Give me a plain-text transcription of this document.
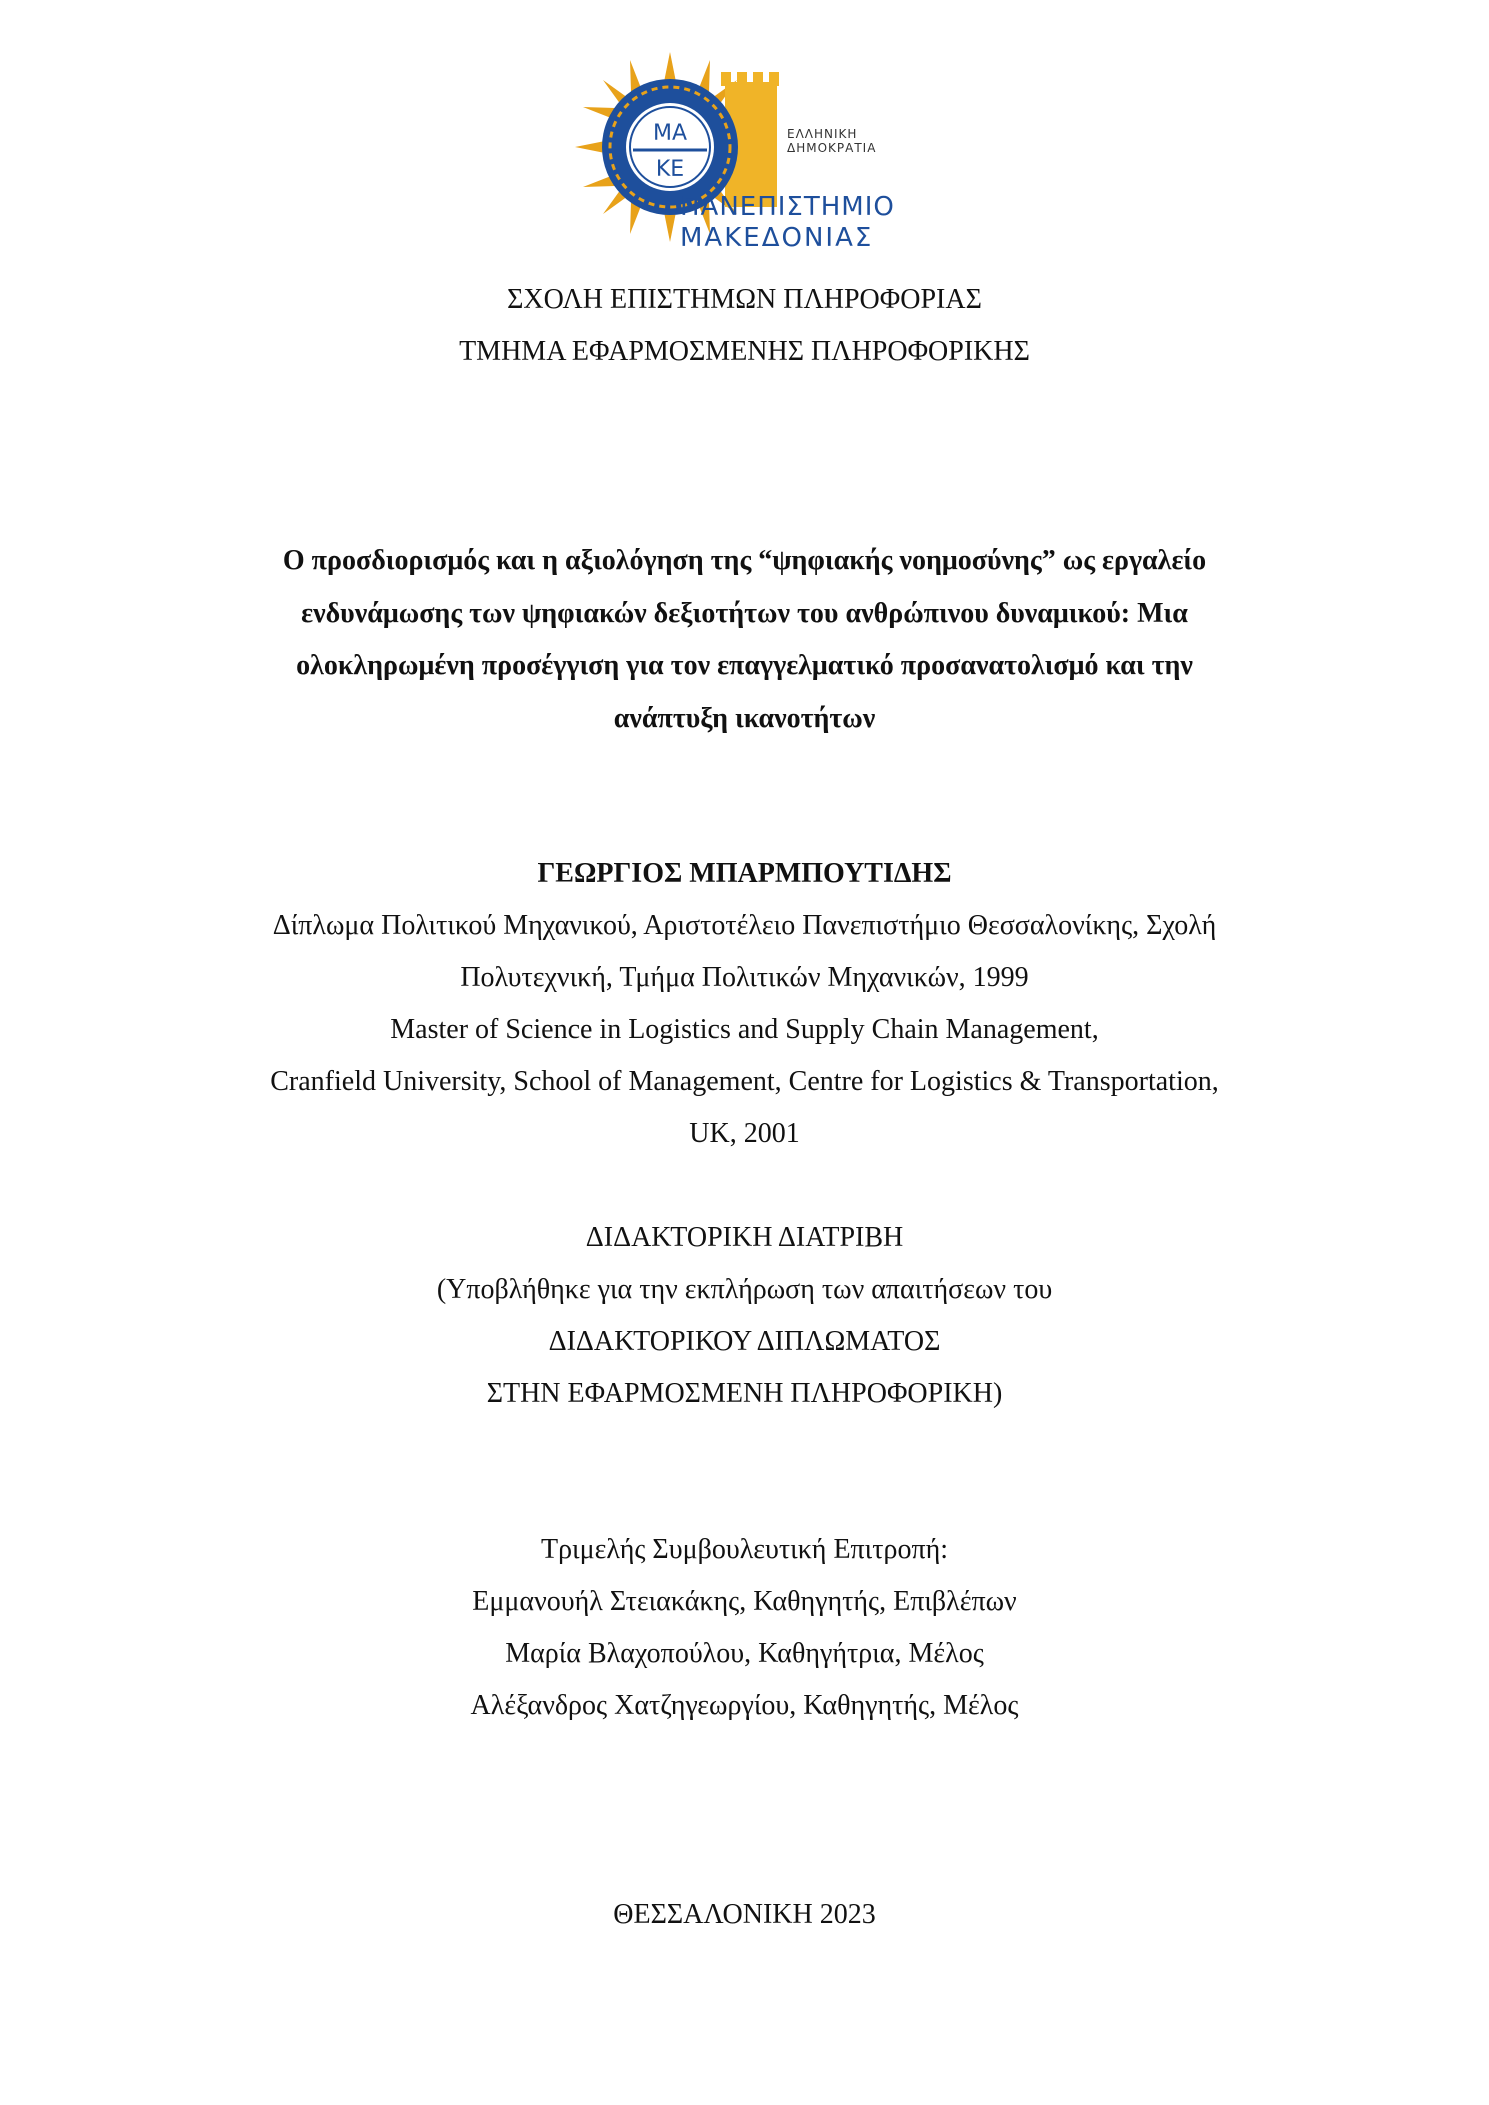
ΜΑ
ΚΕ
ΕΛΛΗΝΙΚΗ
ΔΗΜΟΚΡΑΤΙΑ
ΠΑΝΕΠΙΣΤΗΜΙΟ
ΜΑΚΕΔΟΝΙΑΣ
ΣΧΟΛΗ ΕΠΙΣΤΗΜΩΝ ΠΛΗΡΟΦΟΡΙΑΣ
ΤΜΗΜΑ ΕΦΑΡΜΟΣΜΕΝΗΣ ΠΛΗΡΟΦΟΡΙΚΗΣ
Ο προσδιορισμός και η αξιολόγηση της “ψηφιακής νοημοσύνης” ως εργαλείο
ενδυνάμωσης των ψηφιακών δεξιοτήτων του ανθρώπινου δυναμικού: Μια
ολοκληρωμένη προσέγγιση για τον επαγγελματικό προσανατολισμό και την
ανάπτυξη ικανοτήτων
ΓΕΩΡΓΙΟΣ ΜΠΑΡΜΠΟΥΤΙΔΗΣ
Δίπλωμα Πολιτικού Μηχανικού, Αριστοτέλειο Πανεπιστήμιο Θεσσαλονίκης, Σχολή
Πολυτεχνική, Τμήμα Πολιτικών Μηχανικών, 1999
Master of Science in Logistics and Supply Chain Management,
Cranfield University, School of Management, Centre for Logistics & Transportation,
UK, 2001
ΔΙΔΑΚΤΟΡΙΚΗ ΔΙΑΤΡΙΒΗ
(Υποβλήθηκε για την εκπλήρωση των απαιτήσεων του
ΔΙΔΑΚΤΟΡΙΚΟΥ ΔΙΠΛΩΜΑΤΟΣ
ΣΤΗΝ ΕΦΑΡΜΟΣΜΕΝΗ ΠΛΗΡΟΦΟΡΙΚΗ)
Τριμελής Συμβουλευτική Επιτροπή:
Εμμανουήλ Στειακάκης, Καθηγητής, Επιβλέπων
Μαρία Βλαχοπούλου, Καθηγήτρια, Μέλος
Αλέξανδρος Χατζηγεωργίου, Καθηγητής, Μέλος
ΘΕΣΣΑΛΟΝΙΚΗ 2023
